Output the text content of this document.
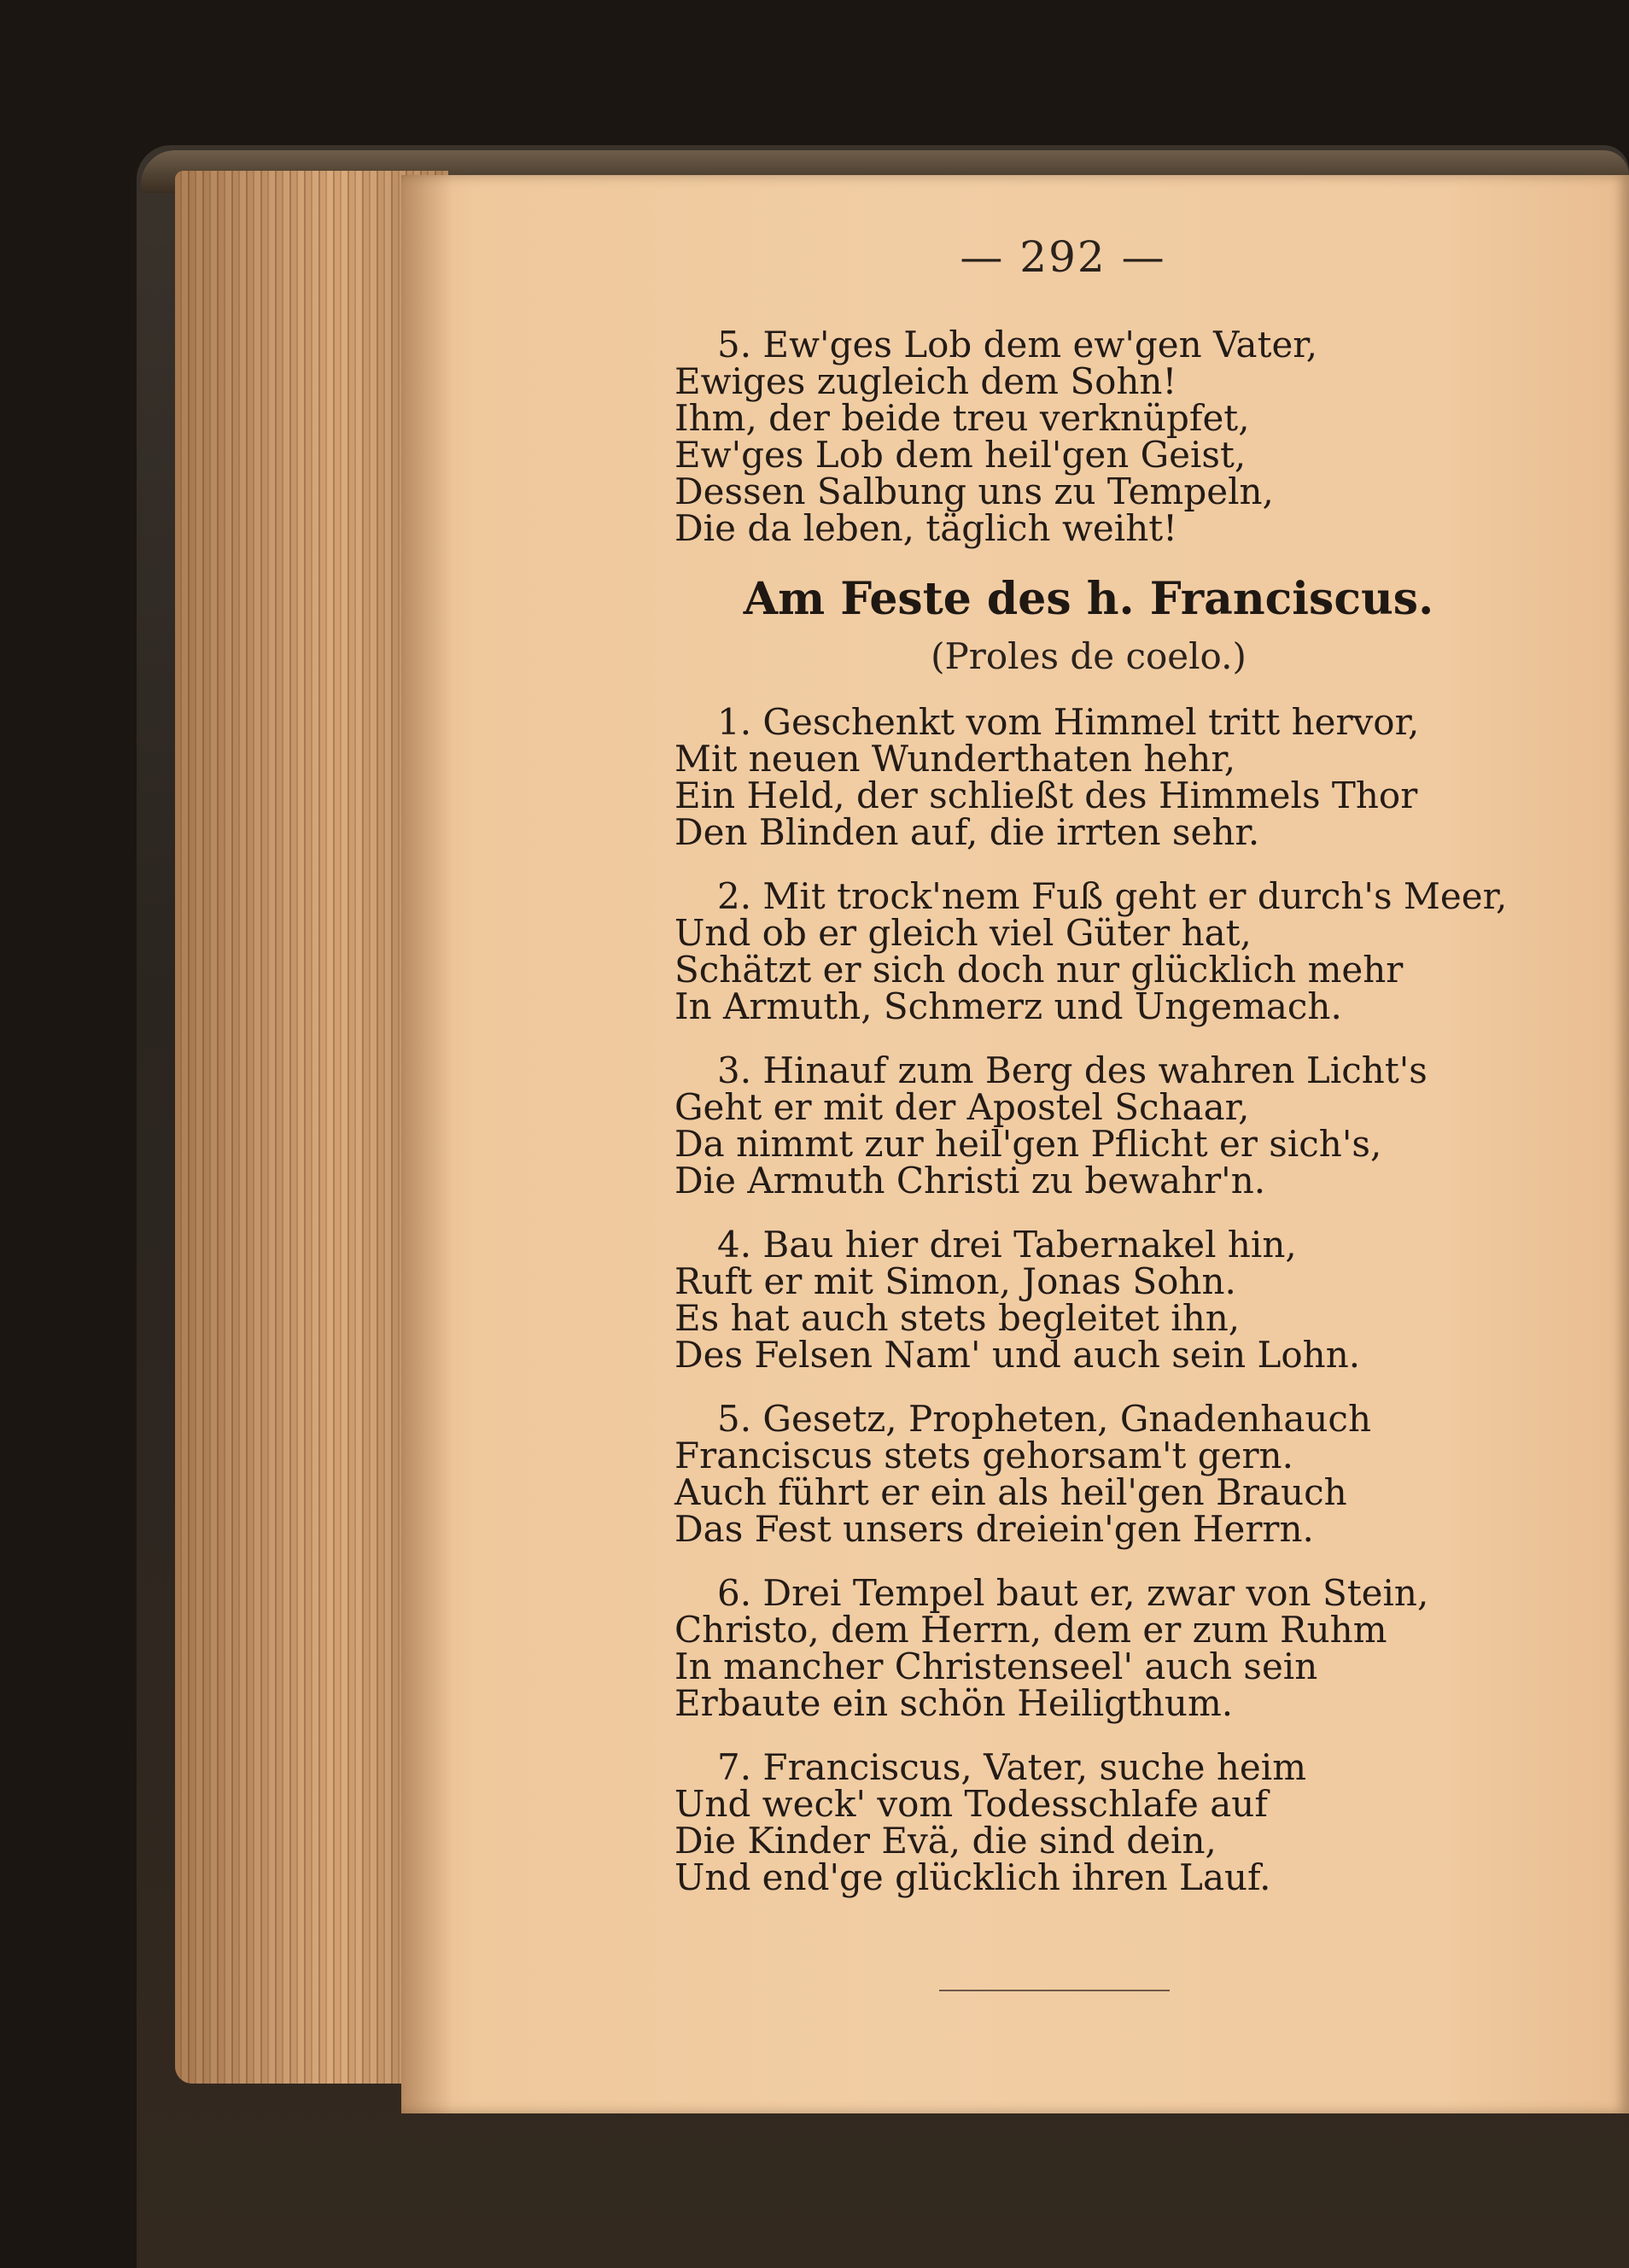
— 292 —
5. Ew'ges Lob dem ew'gen Vater,
Ewiges zugleich dem Sohn!
Ihm, der beide treu verknüpfet,
Ew'ges Lob dem heil'gen Geist,
Dessen Salbung uns zu Tempeln,
Die da leben, täglich weiht!
Am Feste des h. Franciscus.
(Proles de coelo.)
1. Geschenkt vom Himmel tritt hervor,
Mit neuen Wunderthaten hehr,
Ein Held, der schließt des Himmels Thor
Den Blinden auf, die irrten sehr.
2. Mit trock'nem Fuß geht er durch's Meer,
Und ob er gleich viel Güter hat,
Schätzt er sich doch nur glücklich mehr
In Armuth, Schmerz und Ungemach.
3. Hinauf zum Berg des wahren Licht's
Geht er mit der Apostel Schaar,
Da nimmt zur heil'gen Pflicht er sich's,
Die Armuth Christi zu bewahr'n.
4. Bau hier drei Tabernakel hin,
Ruft er mit Simon, Jonas Sohn.
Es hat auch stets begleitet ihn,
Des Felsen Nam' und auch sein Lohn.
5. Gesetz, Propheten, Gnadenhauch
Franciscus stets gehorsam't gern.
Auch führt er ein als heil'gen Brauch
Das Fest unsers dreiein'gen Herrn.
6. Drei Tempel baut er, zwar von Stein,
Christo, dem Herrn, dem er zum Ruhm
In mancher Christenseel' auch sein
Erbaute ein schön Heiligthum.
7. Franciscus, Vater, suche heim
Und weck' vom Todesschlafe auf
Die Kinder Evä, die sind dein,
Und end'ge glücklich ihren Lauf.
